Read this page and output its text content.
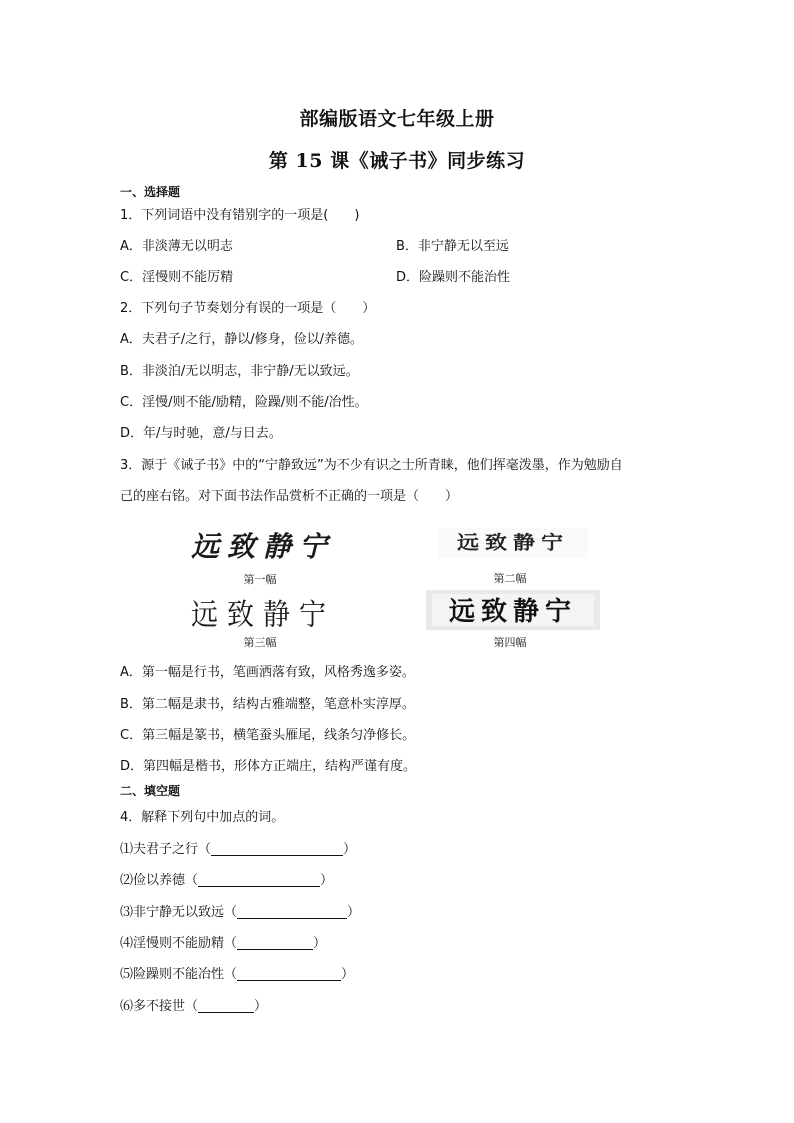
部编版语文七年级上册
第 15 课《诫子书》同步练习
一、选择题
1．下列词语中没有错别字的一项是(　　)
A．非淡薄无以明志	B．非宁静无以至远
C．淫慢则不能厉精	D．险躁则不能治性
2．下列句子节奏划分有误的一项是（　　）
A．夫君子/之行，静以/修身，俭以/养德。
B．非淡泊/无以明志，非宁静/无以致远。
C．淫慢/则不能/励精，险躁/则不能/冶性。
D．年/与时驰，意/与日去。
3．源于《诫子书》中的“宁静致远”为不少有识之士所青睐，他们挥毫泼墨，作为勉励自
己的座右铭。对下面书法作品赏析不正确的一项是（　　）
远致静宁
第一幅
远致静宁
第二幅
远致静宁
第三幅
远致静宁
第四幅
A．第一幅是行书，笔画洒落有致，风格秀逸多姿。
B．第二幅是隶书，结构古雅端整，笔意朴实淳厚。
C．第三幅是篆书，横笔蚕头雁尾，线条匀净修长。
D．第四幅是楷书，形体方正端庄，结构严谨有度。
二、填空题
4．解释下列句中加点的词。
⑴夫君子之行（	）
⑵俭以养德（	）
⑶非宁静无以致远（	）
⑷淫慢则不能励精（	）
⑸险躁则不能冶性（	）
⑹多不接世（	）
